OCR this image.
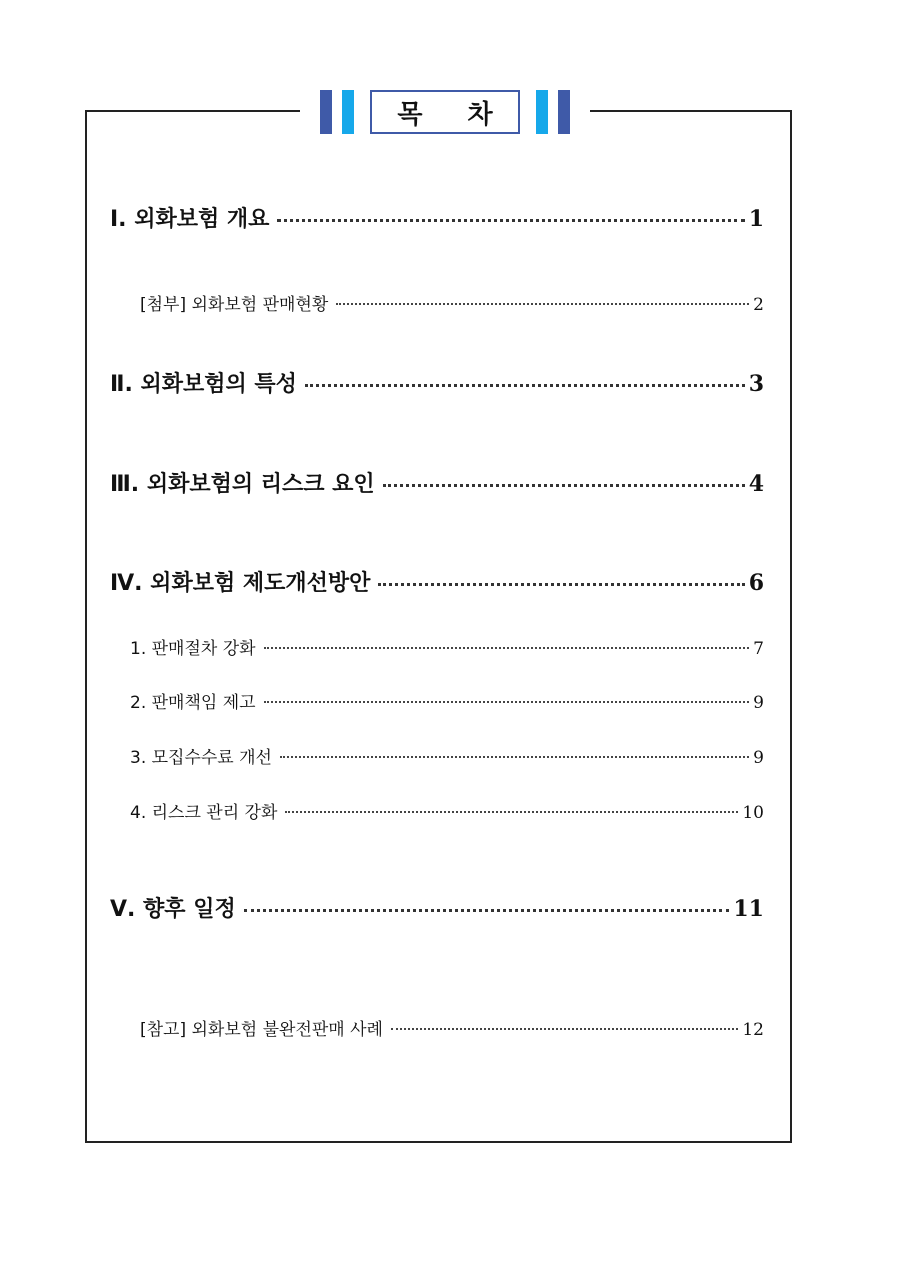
목 차
Ⅰ. 외화보험 개요	1
[첨부] 외화보험 판매현황	2
Ⅱ. 외화보험의 특성	3
Ⅲ. 외화보험의 리스크 요인	4
Ⅳ. 외화보험 제도개선방안	6
1. 판매절차 강화	7
2. 판매책임 제고	9
3. 모집수수료 개선	9
4. 리스크 관리 강화	10
Ⅴ. 향후 일정	11
[참고] 외화보험 불완전판매 사례	12
